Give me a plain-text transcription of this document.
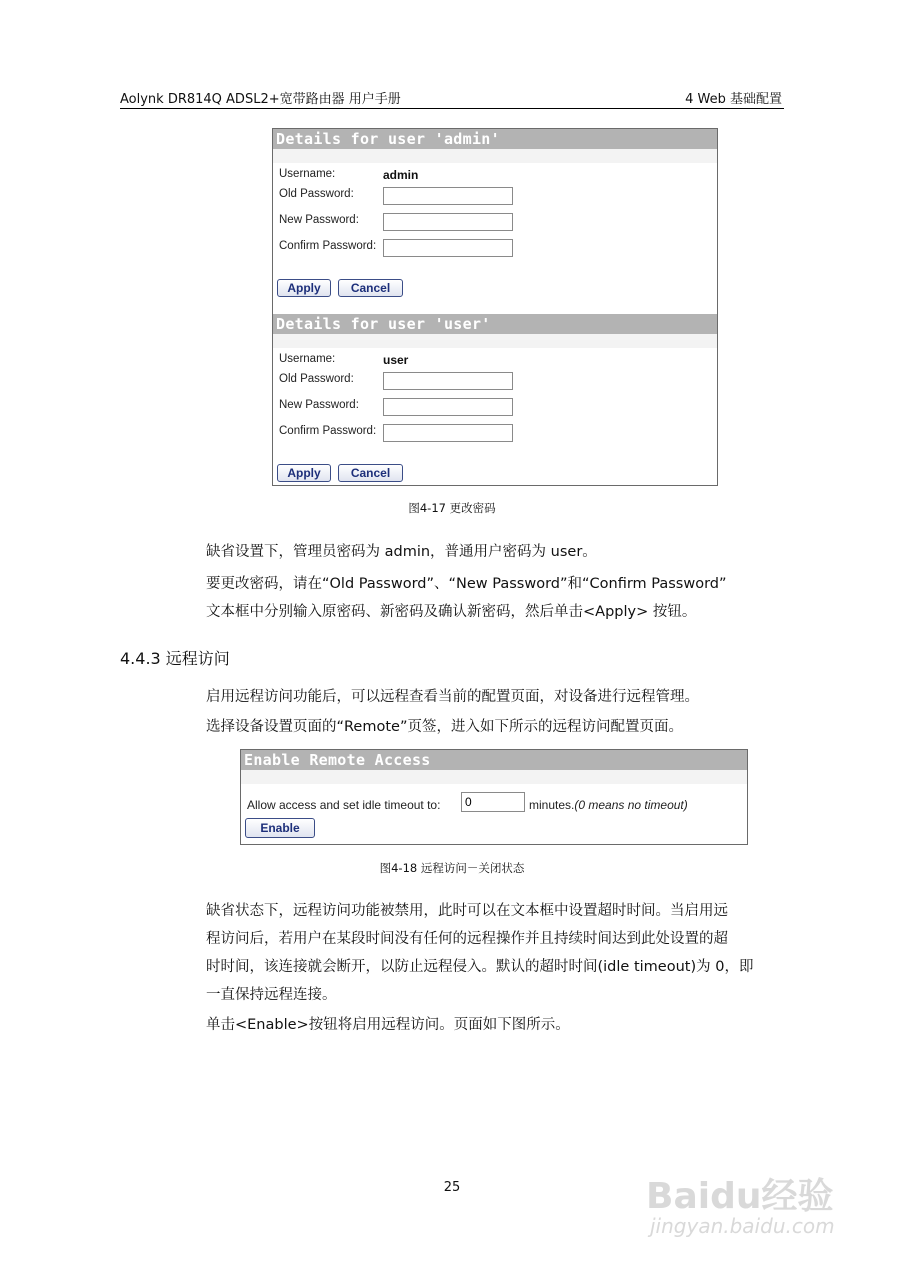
Aolynk DR814Q ADSL2+宽带路由器 用户手册	4 Web 基础配置
Details for user 'admin'
Username:	admin
Old Password:
New Password:
Confirm Password:
Apply	Cancel
Details for user 'user'
Username:	user
Old Password:
New Password:
Confirm Password:
Apply	Cancel
图4-17 更改密码
缺省设置下，管理员密码为 admin，普通用户密码为 user。
要更改密码，请在“Old Password”、“New Password”和“Confirm Password”
文本框中分别输入原密码、新密码及确认新密码，然后单击<Apply> 按钮。
4.4.3 远程访问
启用远程访问功能后，可以远程查看当前的配置页面，对设备进行远程管理。
选择设备设置页面的“Remote”页签，进入如下所示的远程访问配置页面。
Enable Remote Access
Allow access and set idle timeout to:
0	minutes.(0 means no timeout)
Enable
图4-18 远程访问－关闭状态
缺省状态下，远程访问功能被禁用，此时可以在文本框中设置超时时间。当启用远
程访问后，若用户在某段时间没有任何的远程操作并且持续时间达到此处设置的超
时时间，该连接就会断开，以防止远程侵入。默认的超时时间(idle timeout)为 0，即
一直保持远程连接。
单击<Enable>按钮将启用远程访问。页面如下图所示。
25	Baidu经验
jingyan.baidu.com
